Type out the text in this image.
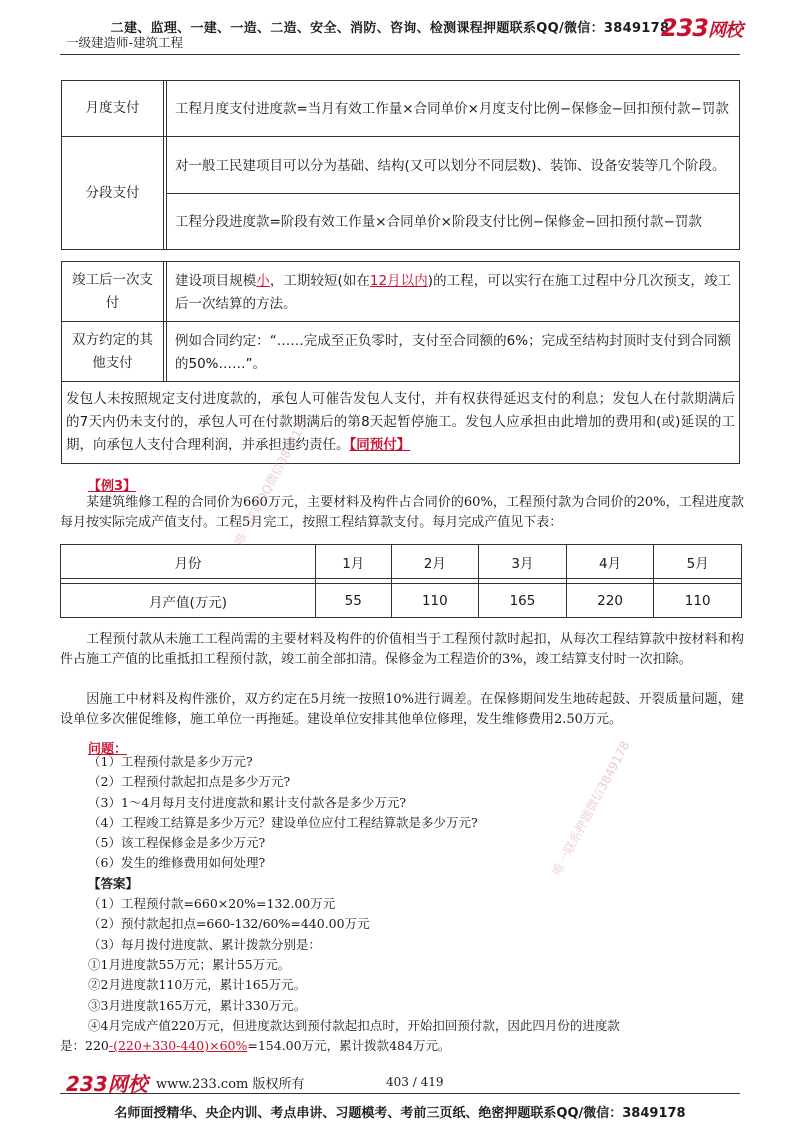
二建、监理、一建、一造、二造、安全、消防、咨询、检测课程押题联系QQ/微信：3849178
一级建造师-建筑工程
233网校
月度支付		工程月度支付进度款=当月有效工作量×合同单价×月度支付比例−保修金−回扣预付款−罚款
分段支付		对一般工民建项目可以分为基础、结构(又可以划分不同层数)、装饰、设备安装等几个阶段。
		工程分段进度款=阶段有效工作量×合同单价×阶段支付比例−保修金−回扣预付款−罚款
竣工后一次支付		建设项目规模小，工期较短(如在12月以内)的工程，可以实行在施工过程中分几次预支，竣工后一次结算的方法。
双方约定的其他支付		例如合同约定：“……完成至正负零时，支付至合同额的6%；完成至结构封顶时支付到合同额的50%……”。
发包人未按照规定支付进度款的，承包人可催告发包人支付，并有权获得延迟支付的利息；发包人在付款期满后的7天内仍未支付的，承包人可在付款期满后的第8天起暂停施工。发包人应承担由此增加的费用和(或)延误的工期，向承包人支付合理利润，并承担违约责任。【同预付】		
【例3】
某建筑维修工程的合同价为660万元，主要材料及构件占合同价的60%，工程预付款为合同价的20%，工程进度款每月按实际完成产值支付。工程5月完工，按照工程结算款支付。每月完成产值见下表：
月份	1月	2月	3月	4月	5月

月产值(万元)	55	110	165	220	110
工程预付款从未施工工程尚需的主要材料及构件的价值相当于工程预付款时起扣，从每次工程结算款中按材料和构件占施工产值的比重抵扣工程预付款，竣工前全部扣清。保修金为工程造价的3%，竣工结算支付时一次扣除。
因施工中材料及构件涨价，双方约定在5月统一按照10%进行调差。在保修期间发生地砖起鼓、开裂质量问题，建设单位多次催促维修，施工单位一再拖延。建设单位安排其他单位修理，发生维修费用2.50万元。
问题：
（1）工程预付款是多少万元?
（2）工程预付款起扣点是多少万元?
（3）1～4月每月支付进度款和累计支付款各是多少万元?
（4）工程竣工结算是多少万元？建设单位应付工程结算款是多少万元?
（5）该工程保修金是多少万元?
（6）发生的维修费用如何处理?
【答案】
（1）工程预付款=660×20%=132.00万元
（2）预付款起扣点=660-132/60%=440.00万元
（3）每月拨付进度款、累计拨款分别是：
①1月进度款55万元；累计55万元。
②2月进度款110万元，累计165万元。
③3月进度款165万元，累计330万元。
④4月完成产值220万元，但进度款达到预付款起扣点时，开始扣回预付款，因此四月份的进度款
是：220-(220+330-440)×60%=154.00万元，累计拨款484万元。
唯一联系QQ微信3849178
唯一联系押题微信3849178
233网校 www.233.com 版权所有	403 / 419
名师面授精华、央企内训、考点串讲、习题模考、考前三页纸、绝密押题联系QQ/微信：3849178
